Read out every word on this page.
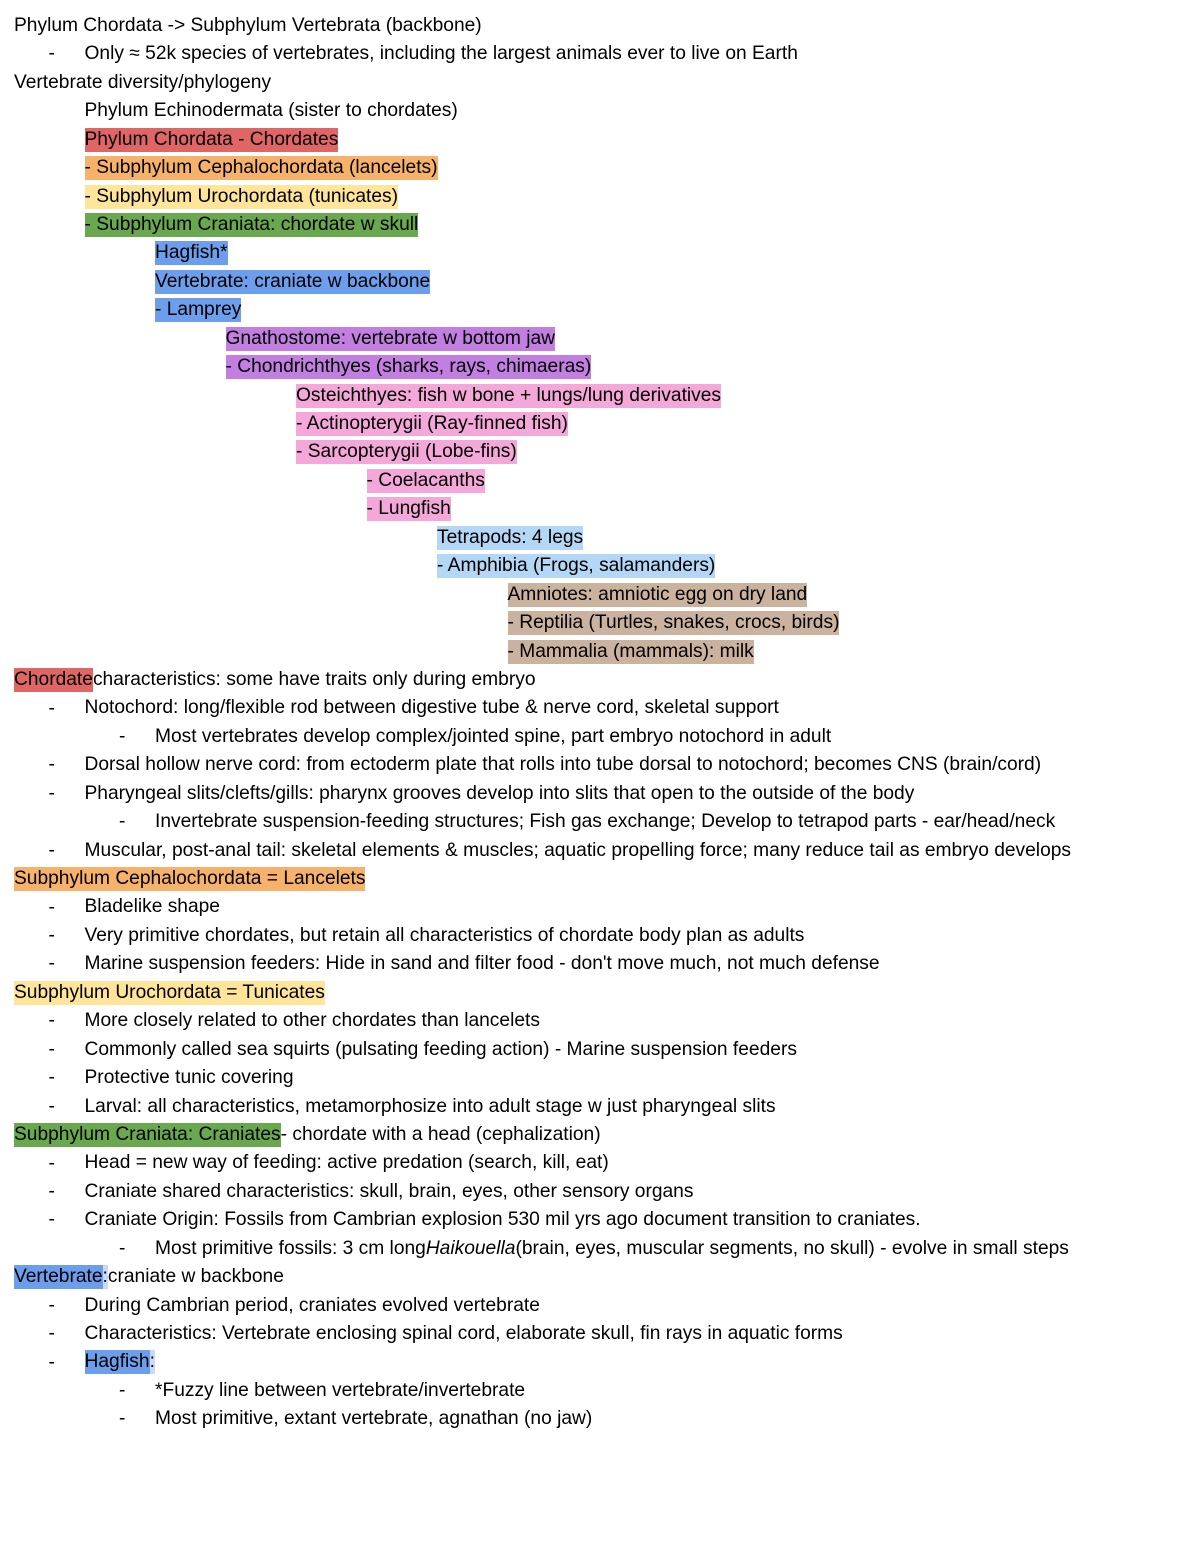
Phylum Chordata -> Subphylum Vertebrata (backbone)
- Only ≈ 52k species of vertebrates, including the largest animals ever to live on Earth
Vertebrate diversity/phylogeny
Phylum Echinodermata (sister to chordates)
Phylum Chordata - Chordates
- Subphylum Cephalochordata (lancelets)
- Subphylum Urochordata (tunicates)
- Subphylum Craniata: chordate w skull
Hagfish*
Vertebrate: craniate w backbone
- Lamprey
Gnathostome: vertebrate w bottom jaw
- Chondrichthyes (sharks, rays, chimaeras)
Osteichthyes: fish w bone + lungs/lung derivatives
- Actinopterygii (Ray-finned fish)
- Sarcopterygii (Lobe-fins)
- Coelacanths
- Lungfish
Tetrapods: 4 legs
- Amphibia (Frogs, salamanders)
Amniotes: amniotic egg on dry land
- Reptilia (Turtles, snakes, crocs, birds)
- Mammalia (mammals): milk
Chordatecharacteristics: some have traits only during embryo
- Notochord: long/flexible rod between digestive tube & nerve cord, skeletal support
- Most vertebrates develop complex/jointed spine, part embryo notochord in adult
- Dorsal hollow nerve cord: from ectoderm plate that rolls into tube dorsal to notochord; becomes CNS (brain/cord)
- Pharyngeal slits/clefts/gills: pharynx grooves develop into slits that open to the outside of the body
- Invertebrate suspension-feeding structures; Fish gas exchange; Develop to tetrapod parts - ear/head/neck
- Muscular, post-anal tail: skeletal elements & muscles; aquatic propelling force; many reduce tail as embryo develops
Subphylum Cephalochordata = Lancelets
- Bladelike shape
- Very primitive chordates, but retain all characteristics of chordate body plan as adults
- Marine suspension feeders: Hide in sand and filter food - don't move much, not much defense
Subphylum Urochordata = Tunicates
- More closely related to other chordates than lancelets
- Commonly called sea squirts (pulsating feeding action) - Marine suspension feeders
- Protective tunic covering
- Larval: all characteristics, metamorphosize into adult stage w just pharyngeal slits
Subphylum Craniata: Craniates- chordate with a head (cephalization)
- Head = new way of feeding: active predation (search, kill, eat)
- Craniate shared characteristics: skull, brain, eyes, other sensory organs
- Craniate Origin: Fossils from Cambrian explosion 530 mil yrs ago document transition to craniates.
- Most primitive fossils: 3 cm longHaikouella(brain, eyes, muscular segments, no skull) - evolve in small steps
Vertebrate:craniate w backbone
- During Cambrian period, craniates evolved vertebrate
- Characteristics: Vertebrate enclosing spinal cord, elaborate skull, fin rays in aquatic forms
- Hagfish:
- *Fuzzy line between vertebrate/invertebrate
- Most primitive, extant vertebrate, agnathan (no jaw)
